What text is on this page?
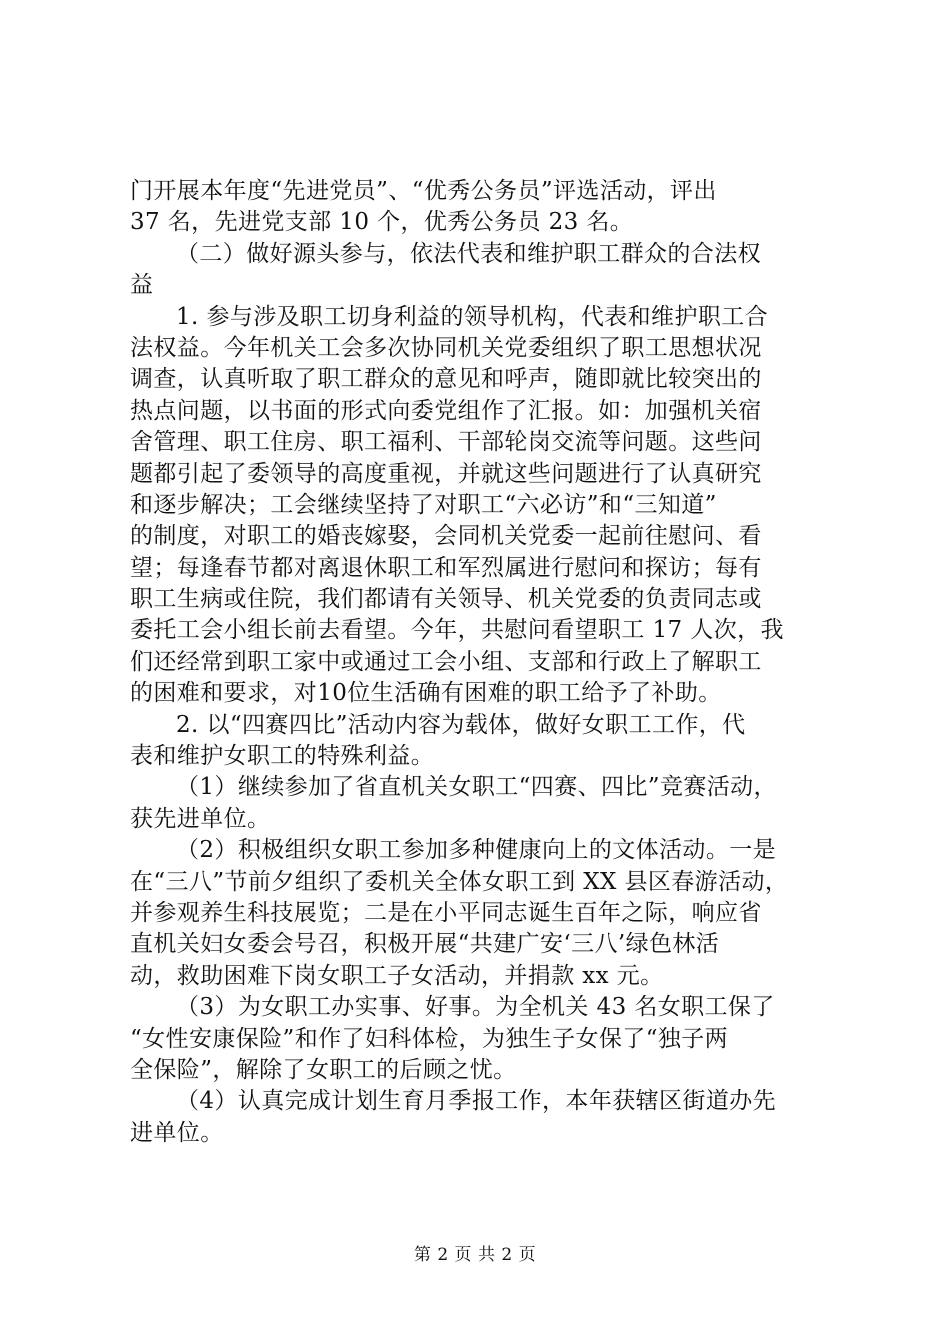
门开展本年度“先进党员”、“优秀公务员”评选活动，评出
37 名，先进党支部 10 个，优秀公务员 23 名。
（二）做好源头参与，依法代表和维护职工群众的合法权
益
1. 参与涉及职工切身利益的领导机构，代表和维护职工合
法权益。今年机关工会多次协同机关党委组织了职工思想状况
调查，认真听取了职工群众的意见和呼声，随即就比较突出的
热点问题，以书面的形式向委党组作了汇报。如：加强机关宿
舍管理、职工住房、职工福利、干部轮岗交流等问题。这些问
题都引起了委领导的高度重视，并就这些问题进行了认真研究
和逐步解决；工会继续坚持了对职工“六必访”和“三知道”
的制度，对职工的婚丧嫁娶，会同机关党委一起前往慰问、看
望；每逢春节都对离退休职工和军烈属进行慰问和探访；每有
职工生病或住院，我们都请有关领导、机关党委的负责同志或
委托工会小组长前去看望。今年，共慰问看望职工 17 人次，我
们还经常到职工家中或通过工会小组、支部和行政上了解职工
的困难和要求，对10位生活确有困难的职工给予了补助。
2. 以“四赛四比”活动内容为载体，做好女职工工作，代
表和维护女职工的特殊利益。
（1）继续参加了省直机关女职工“四赛、四比”竞赛活动，
获先进单位。
（2）积极组织女职工参加多种健康向上的文体活动。一是
在“三八”节前夕组织了委机关全体女职工到 XX 县区春游活动，
并参观养生科技展览；二是在小平同志诞生百年之际，响应省
直机关妇女委会号召，积极开展“共建广安‘三八’绿色林活
动，救助困难下岗女职工子女活动，并捐款 xx 元。
（3）为女职工办实事、好事。为全机关 43 名女职工保了
“女性安康保险”和作了妇科体检，为独生子女保了“独子两
全保险”，解除了女职工的后顾之忧。
（4）认真完成计划生育月季报工作，本年获辖区街道办先
进单位。
第 2 页 共 2 页
